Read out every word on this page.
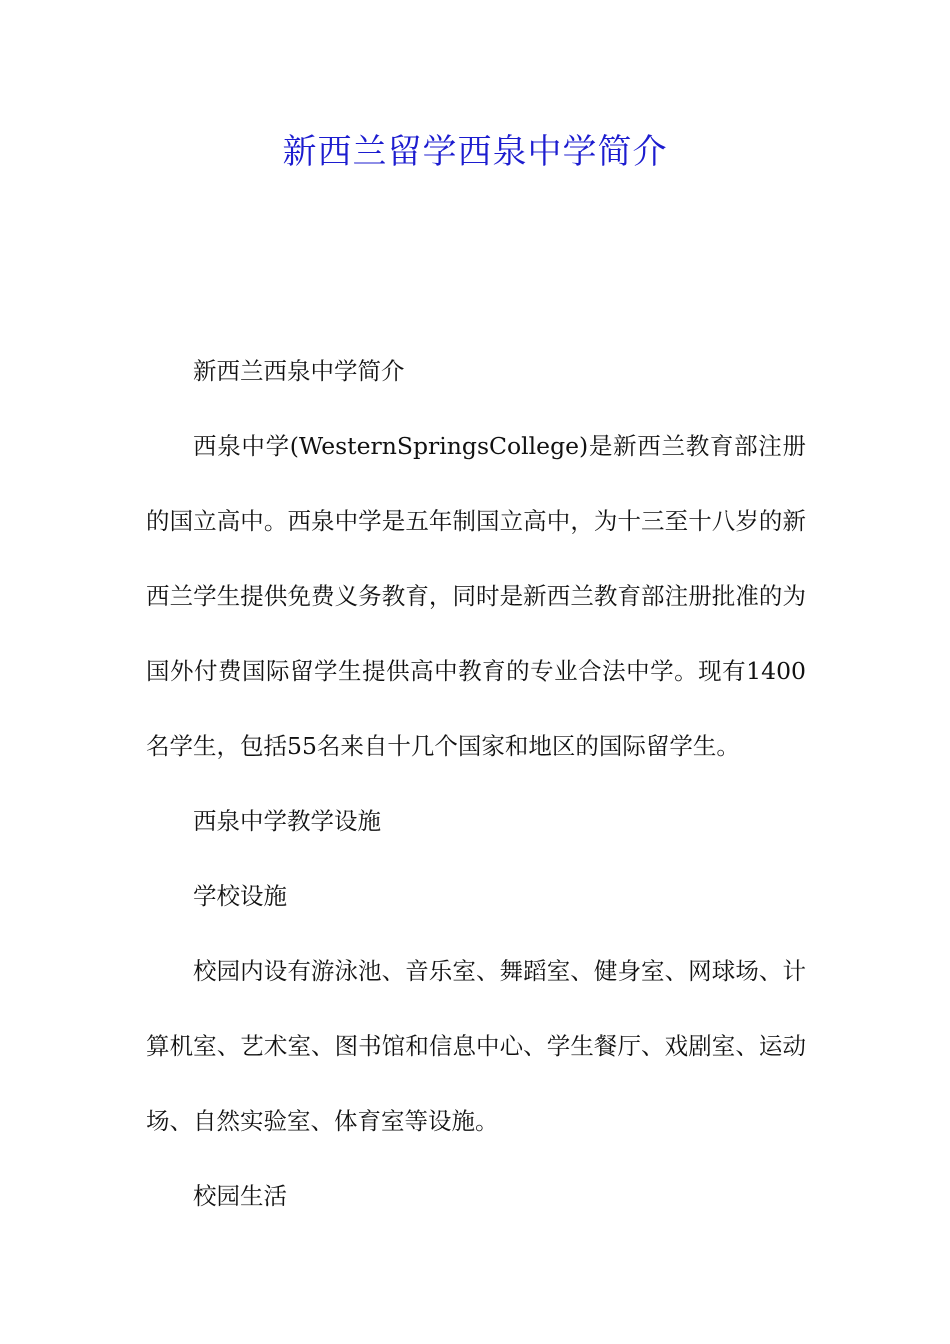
新西兰留学西泉中学简介

新西兰西泉中学简介

西泉中学(WesternSpringsCollege)是新西兰教育部注册的国立高中。西泉中学是五年制国立高中，为十三至十八岁的新西兰学生提供免费义务教育，同时是新西兰教育部注册批准的为国外付费国际留学生提供高中教育的专业合法中学。现有1400名学生，包括55名来自十几个国家和地区的国际留学生。

西泉中学教学设施

学校设施

校园内设有游泳池、音乐室、舞蹈室、健身室、网球场、计算机室、艺术室、图书馆和信息中心、学生餐厅、戏剧室、运动场、自然实验室、体育室等设施。

校园生活
